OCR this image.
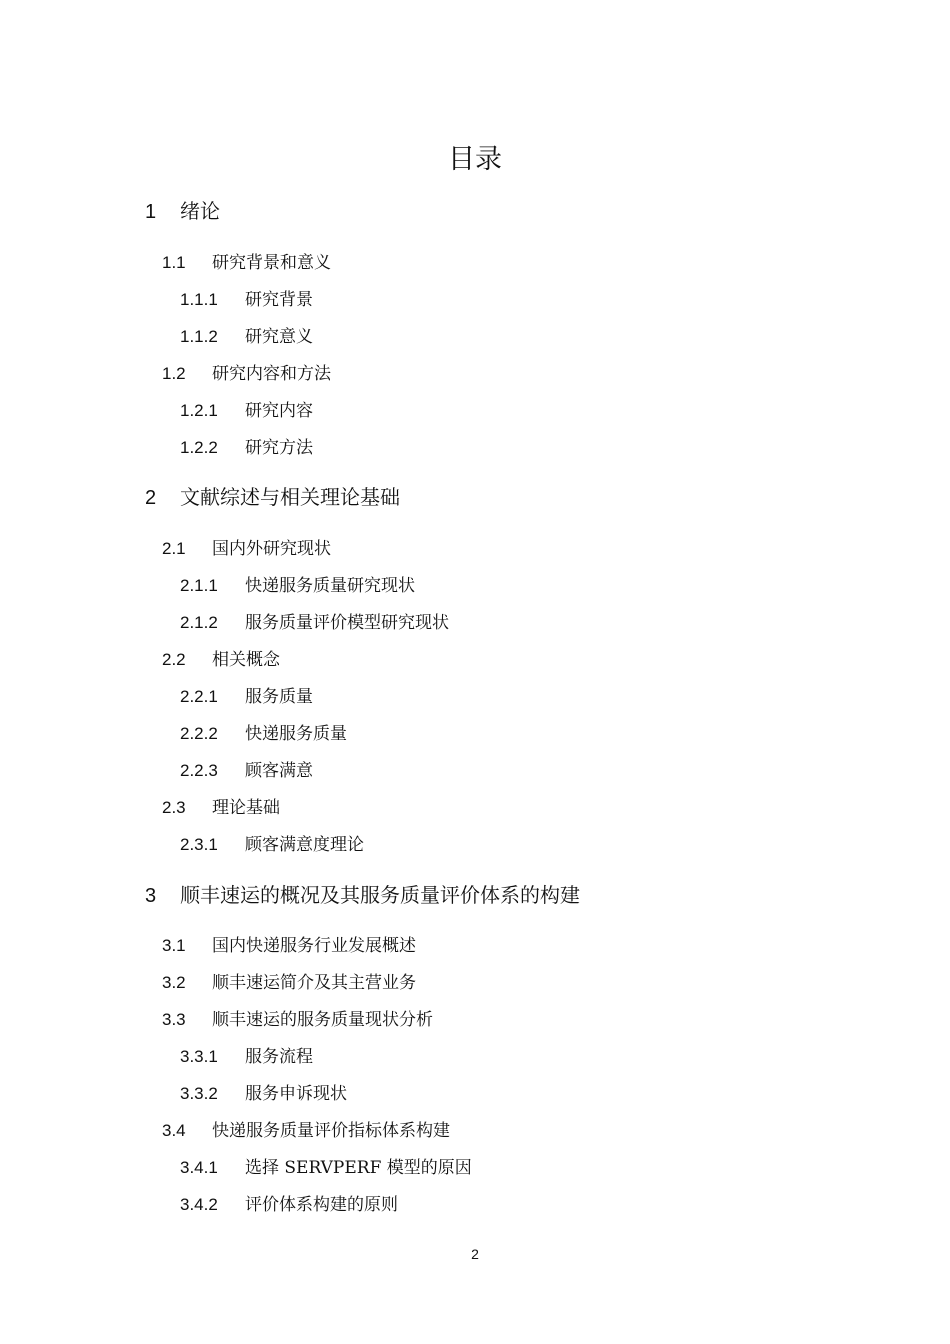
目录
1 绪论
1.1 研究背景和意义
1.1.1 研究背景
1.1.2 研究意义
1.2 研究内容和方法
1.2.1 研究内容
1.2.2 研究方法
2 文献综述与相关理论基础
2.1 国内外研究现状
2.1.1 快递服务质量研究现状
2.1.2 服务质量评价模型研究现状
2.2 相关概念
2.2.1 服务质量
2.2.2 快递服务质量
2.2.3 顾客满意
2.3 理论基础
2.3.1 顾客满意度理论
3 顺丰速运的概况及其服务质量评价体系的构建
3.1 国内快递服务行业发展概述
3.2 顺丰速运简介及其主营业务
3.3 顺丰速运的服务质量现状分析
3.3.1 服务流程
3.3.2 服务申诉现状
3.4 快递服务质量评价指标体系构建
3.4.1 选择 SERVPERF 模型的原因
3.4.2 评价体系构建的原则
2
